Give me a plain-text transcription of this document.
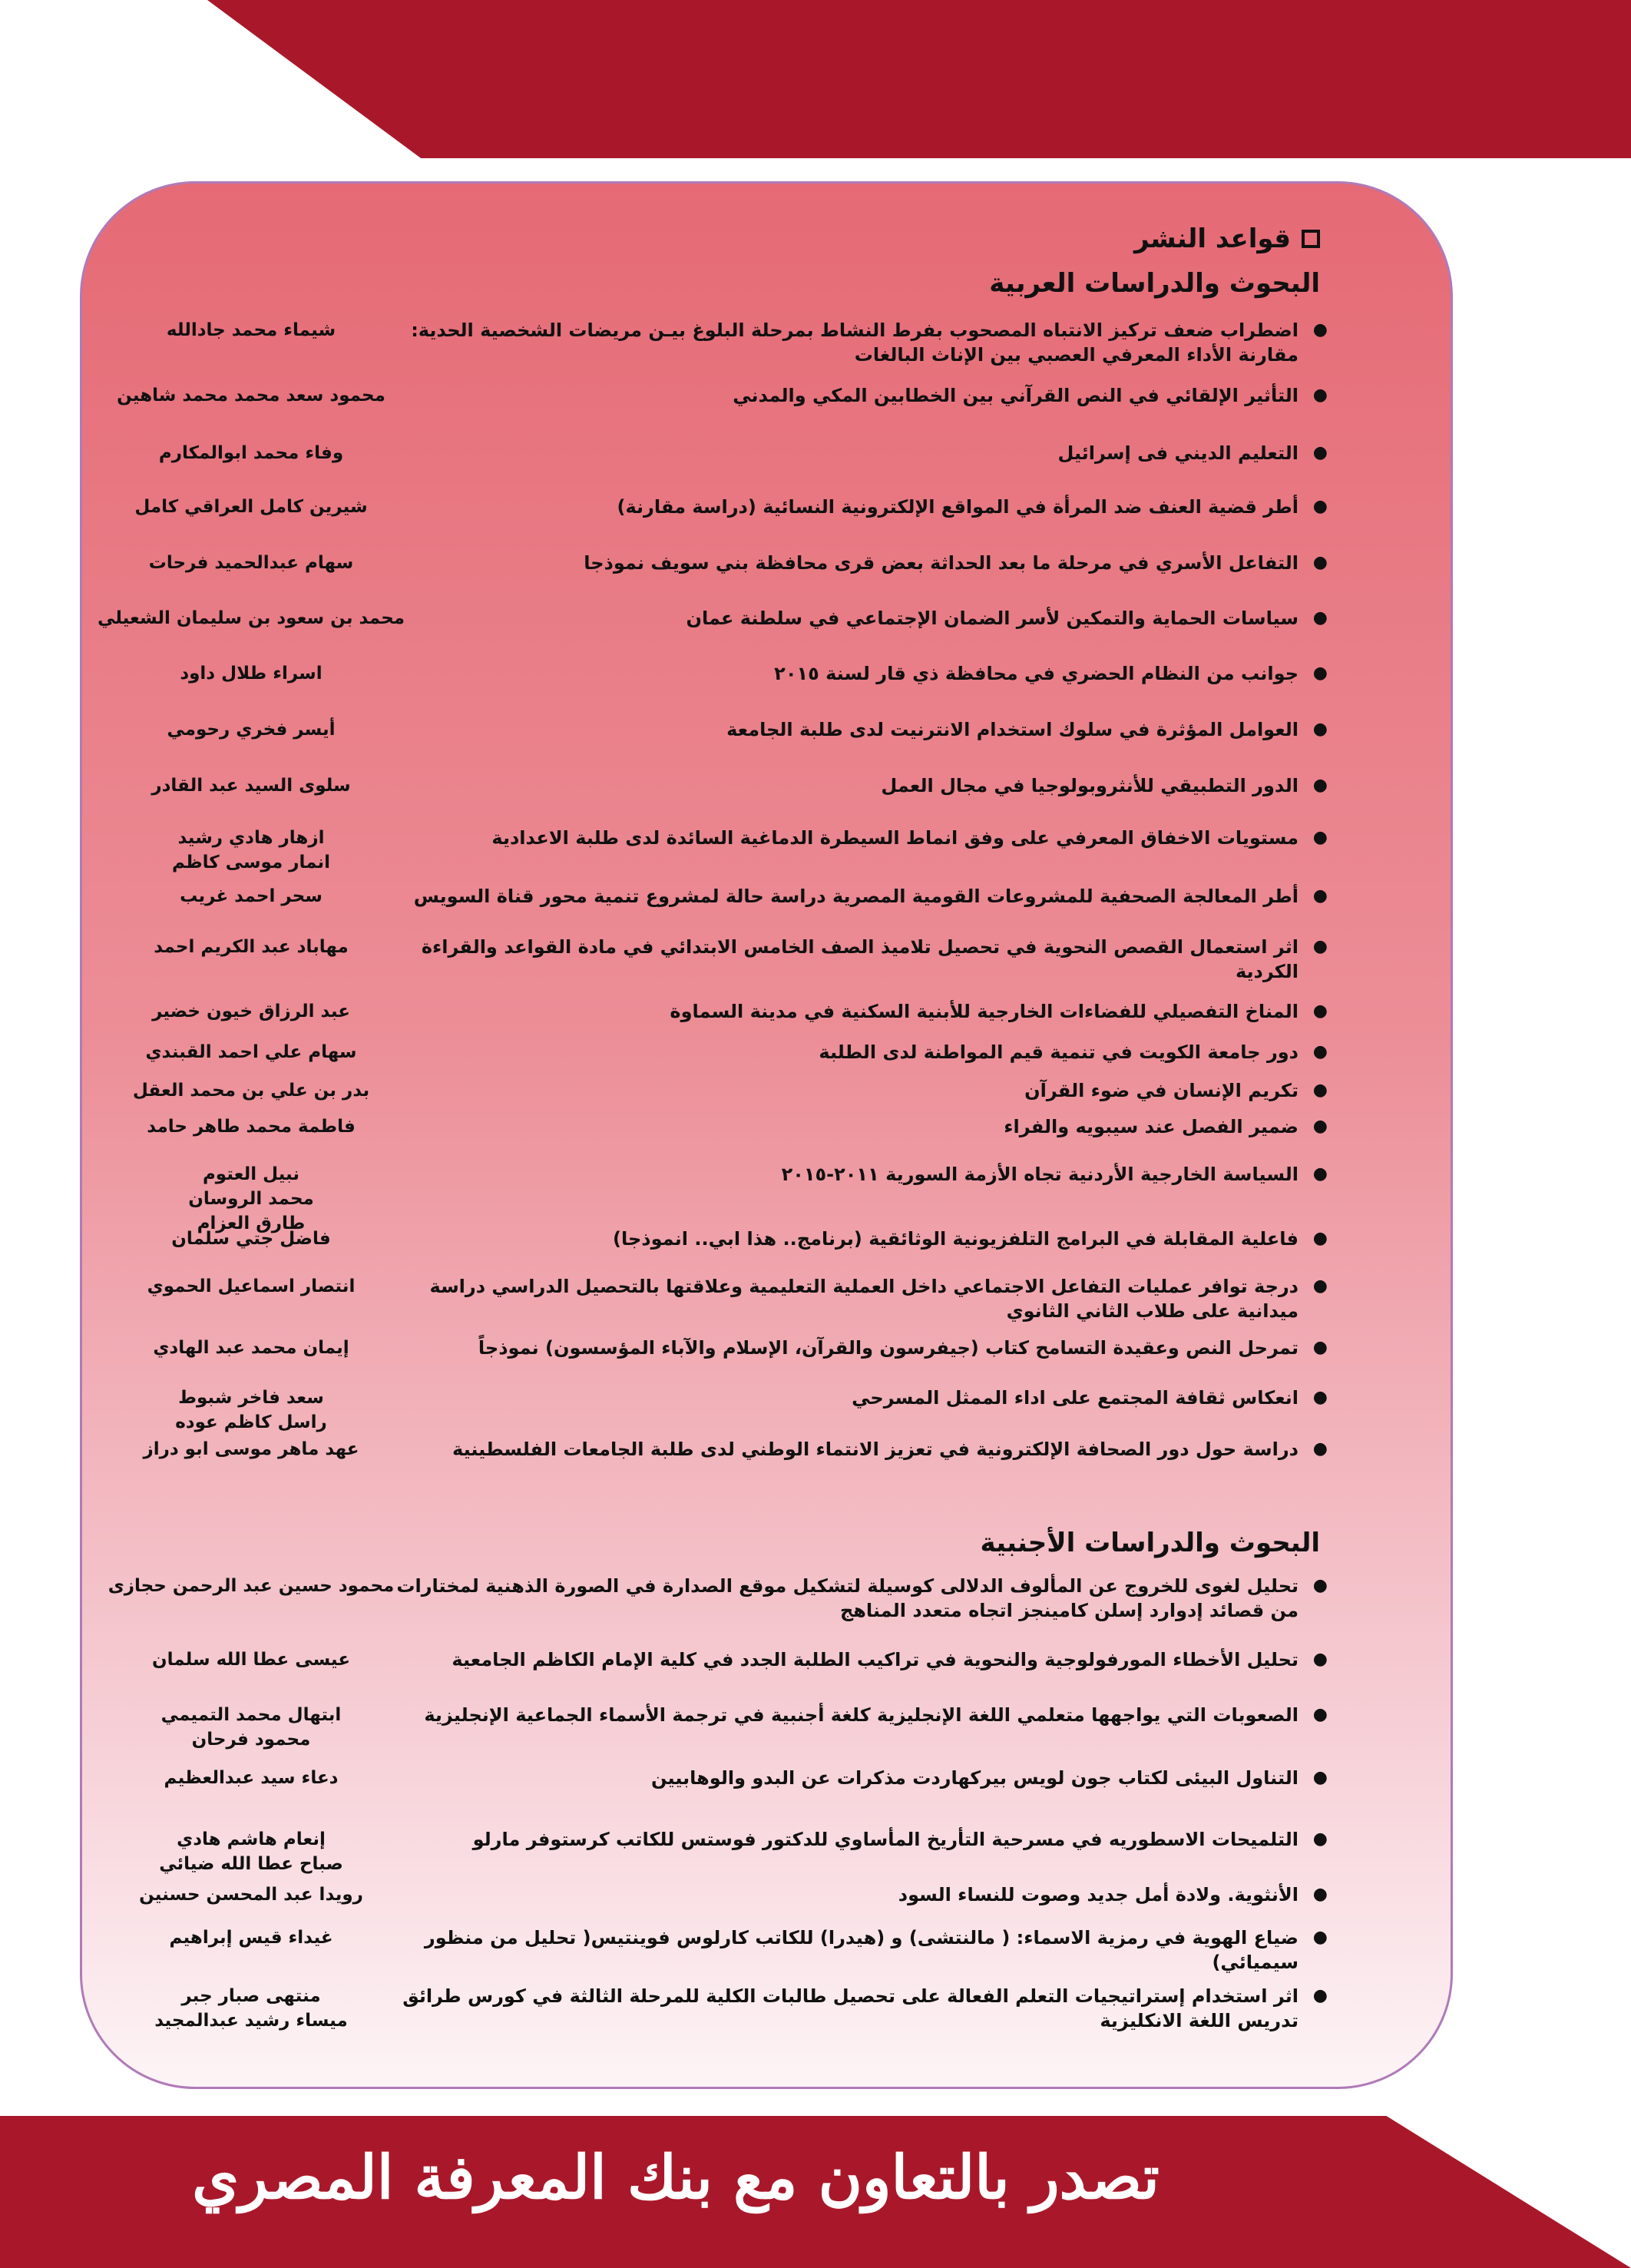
قواعد النشر
البحوث والدراسات العربية
● اضطراب ضعف تركيز الانتباه المصحوب بفرط النشاط بمرحلة البلوغ بيـن مريضات الشخصية الحدية: مقارنة الأداء المعرفي العصبي بين الإناث البالغات
شيماء محمد جادالله
● التأثير الإلقائي في النص القرآني بين الخطابين المكي والمدني
محمود سعد محمد محمد شاهين
● التعليم الديني فى إسرائيل
وفاء محمد ابوالمكارم
● أطر قضية العنف ضد المرأة في المواقع الإلكترونية النسائية (دراسة مقارنة)
شيرين كامل العراقي كامل
● التفاعل الأسري في مرحلة ما بعد الحداثة بعض قرى محافظة بني سويف نموذجا
سهام عبدالحميد فرحات
● سياسات الحماية والتمكين لأسر الضمان الإجتماعي في سلطنة عمان
محمد بن سعود بن سليمان الشعيلي
● جوانب من النظام الحضري في محافظة ذي قار لسنة ٢٠١٥
اسراء طلال داود
● العوامل المؤثرة في سلوك استخدام الانترنيت لدى طلبة الجامعة
أيسر فخري رحومي
● الدور التطبيقي للأنثروبولوجيا في مجال العمل
سلوى السيد عبد القادر
● مستويات الاخفاق المعرفي على وفق انماط السيطرة الدماغية السائدة لدى طلبة الاعدادية
ازهار هادي رشيد
انمار موسى كاظم
● أطر المعالجة الصحفية للمشروعات القومية المصرية دراسة حالة لمشروع تنمية محور قناة السويس
سحر احمد غريب
● اثر استعمال القصص النحوية في تحصيل تلاميذ الصف الخامس الابتدائي في مادة القواعد والقراءة الكردية
مهاباد عبد الكريم احمد
● المناخ التفصيلي للفضاءات الخارجية للأبنية السكنية في مدينة السماوة
عبد الرزاق خيون خضير
● دور جامعة الكويت في تنمية قيم المواطنة لدى الطلبة
سهام علي احمد القبندي
● تكريم الإنسان في ضوء القرآن
بدر بن علي بن محمد العقل
● ضمير الفصل عند سيبويه والفراء
فاطمة محمد طاهر حامد
● السياسة الخارجية الأردنية تجاه الأزمة السورية ٢٠١١-٢٠١٥
نبيل العتوم
محمد الروسان
طارق العزام
● فاعلية المقابلة في البرامج التلفزيونية الوثائقية (برنامج.. هذا ابي.. انموذجا)
فاضل جتي سلمان
● درجة توافر عمليات التفاعل الاجتماعي داخل العملية التعليمية وعلاقتها بالتحصيل الدراسي دراسة ميدانية على طلاب الثاني الثانوي
انتصار اسماعيل الحموي
● تمرحل النص وعقيدة التسامح كتاب (جيفرسون والقرآن، الإسلام والآباء المؤسسون) نموذجاً
إيمان محمد عبد الهادي
● انعكاس ثقافة المجتمع على اداء الممثل المسرحي
سعد فاخر شبوط
راسل كاظم عوده
● دراسة حول دور الصحافة الإلكترونية في تعزيز الانتماء الوطني لدى طلبة الجامعات الفلسطينية
عهد ماهر موسى ابو دراز
البحوث والدراسات الأجنبية
● تحليل لغوى للخروج عن المألوف الدلالى كوسيلة لتشكيل موقع الصدارة في الصورة الذهنية لمختارات من قصائد إدوارد إسلن كامينجز اتجاه متعدد المناهج
محمود حسين عبد الرحمن حجازى
● تحليل الأخطاء المورفولوجية والنحوية في تراكيب الطلبة الجدد في كلية الإمام الكاظم الجامعية
عيسى عطا الله سلمان
● الصعوبات التي يواجهها متعلمي اللغة الإنجليزية كلغة أجنبية في ترجمة الأسماء الجماعية الإنجليزية
ابتهال محمد التميمي
محمود فرحان
● التناول البيئى لكتاب جون لويس بيركهاردت مذكرات عن البدو والوهابيين
دعاء سيد عبدالعظيم
● التلميحات الاسطوريه في مسرحية التأريخ المأساوي للدكتور فوستس للكاتب كرستوفر مارلو
إنعام هاشم هادي
صباح عطا الله ضيائي
● الأنثوية. ولادة أمل جديد وصوت للنساء السود
رويدا عبد المحسن حسنين
● ضياع الهوية في رمزية الاسماء: ( مالنتشى) و (هيدرا) للكاتب كارلوس فوينتيس( تحليل من منظور سيميائي)
غيداء قيس إبراهيم
● اثر استخدام إستراتيجيات التعلم الفعالة على تحصيل طالبات الكلية للمرحلة الثالثة في كورس طرائق تدريس اللغة الانكليزية
منتهى صبار جبر
ميساء رشيد عبدالمجيد
تصدر بالتعاون مع بنك المعرفة المصري
